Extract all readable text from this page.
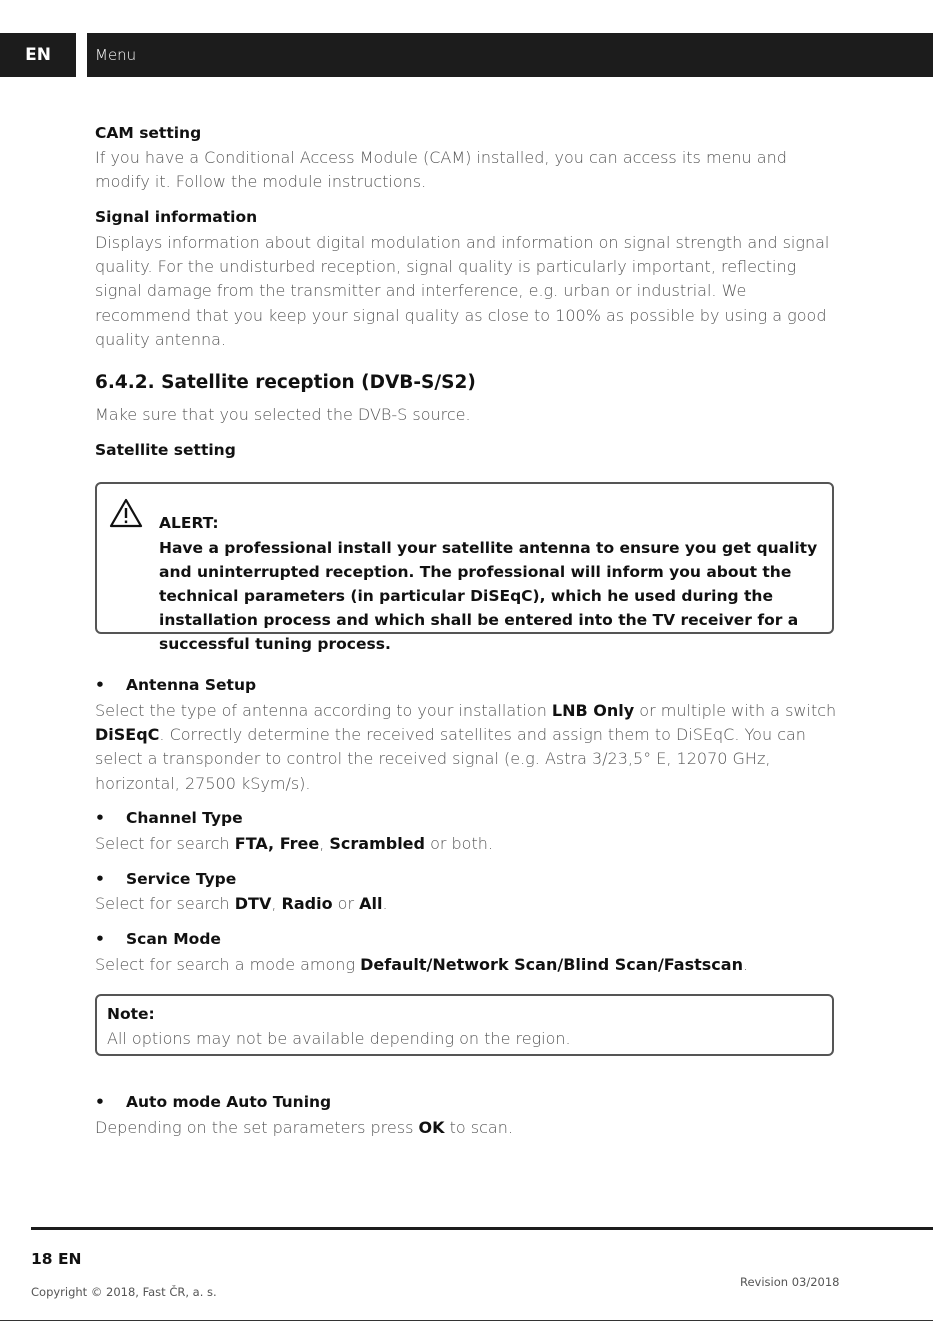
EN	Menu
CAM setting
If you have a Conditional Access Module (CAM) installed, you can access its menu and modify it. Follow the module instructions.
Signal information
Displays information about digital modulation and information on signal strength and signal quality. For the undisturbed reception, signal quality is particularly important, reflecting signal damage from the transmitter and interference, e.g. urban or industrial. We recommend that you keep your signal quality as close to 100% as possible by using a good quality antenna.
6.4.2. Satellite reception (DVB-S/S2)
Make sure that you selected the DVB-S source.
Satellite setting
ALERT:
Have a professional install your satellite antenna to ensure you get quality and uninterrupted reception. The professional will inform you about the technical parameters (in particular DiSEqC), which he used during the installation process and which shall be entered into the TV receiver for a successful tuning process.
• Antenna Setup
Select the type of antenna according to your installation LNB Only or multiple with a switch DiSEqC. Correctly determine the received satellites and assign them to DiSEqC. You can select a transponder to control the received signal (e.g. Astra 3/23,5° E, 12070 GHz, horizontal, 27500 kSym/s).
• Channel Type
Select for search FTA, Free, Scrambled or both.
• Service Type
Select for search DTV, Radio or All.
• Scan Mode
Select for search a mode among Default/Network Scan/Blind Scan/Fastscan.
Note:
All options may not be available depending on the region.
• Auto mode Auto Tuning
Depending on the set parameters press OK to scan.
18 EN
Copyright © 2018, Fast ČR, a. s.
Revision 03/2018
